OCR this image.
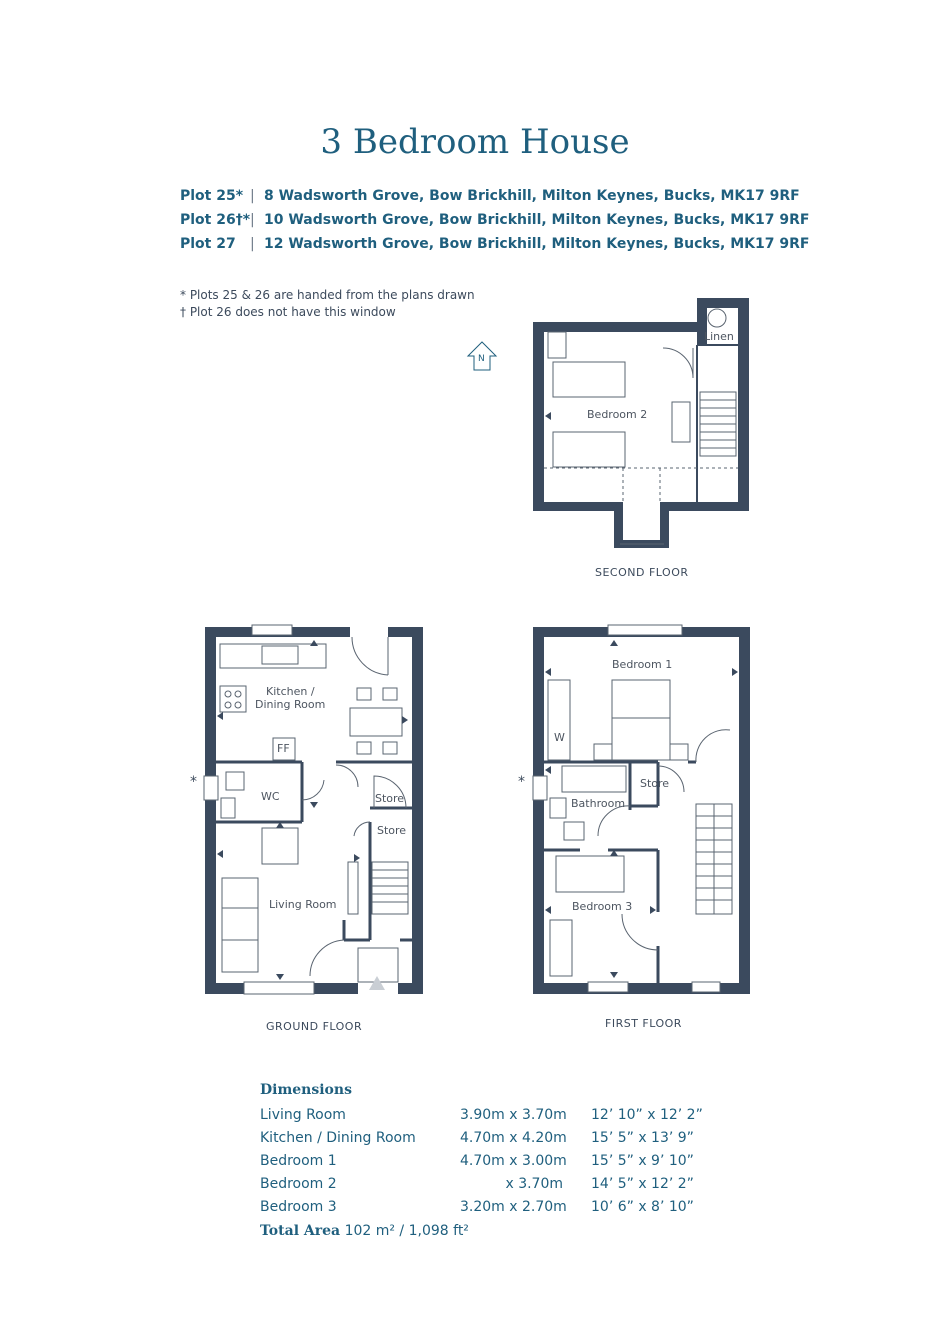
3 Bedroom House
Plot 25* | 8 Wadsworth Grove, Bow Brickhill, Milton Keynes, Bucks, MK17 9RF
Plot 26†*| 10 Wadsworth Grove, Bow Brickhill, Milton Keynes, Bucks, MK17 9RF
Plot 27 | 12 Wadsworth Grove, Bow Brickhill, Milton Keynes, Bucks, MK17 9RF
* Plots 25 & 26 are handed from the plans drawn
† Plot 26 does not have this window
N
Bedroom 2
Linen
SECOND FLOOR
Kitchen /
Dining Room
FF
WC	Store
Store
Living Room
*
GROUND FLOOR
Bedroom 1
W
Store
Bathroom
Bedroom 3
*
FIRST FLOOR
Dimensions
Living Room	3.90m x 3.70m 12’ 10” x 12’ 2”
Kitchen / Dining Room	4.70m x 4.20m 15’ 5” x 13’ 9”
Bedroom 1	4.70m x 3.00m 15’ 5” x 9’ 10”
Bedroom 2	x 3.70m 14’ 5” x 12’ 2”
Bedroom 3	3.20m x 2.70m 10’ 6” x 8’ 10”
Total Area 102 m² / 1,098 ft²
